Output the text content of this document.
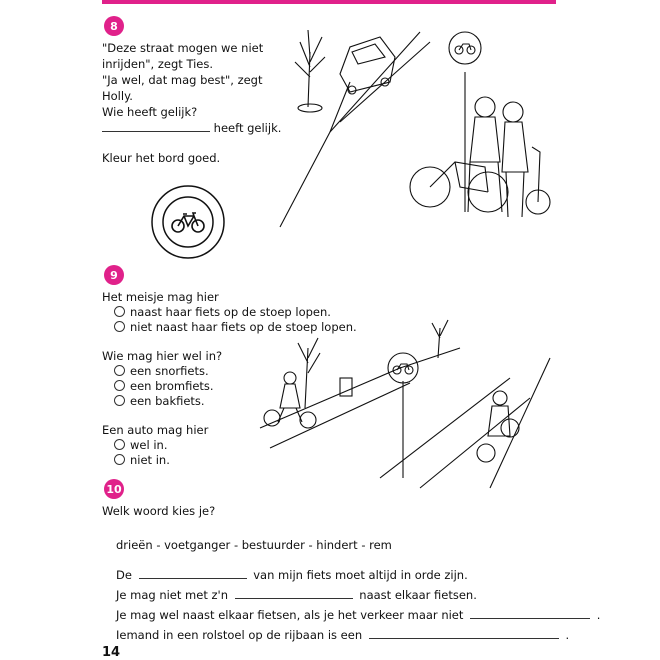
8
"Deze straat mogen we niet
inrijden", zegt Ties.
"Ja wel, dat mag best", zegt
Holly.
Wie heeft gelijk?
heeft gelijk.
Kleur het bord goed.
9
Het meisje mag hier
naast haar fiets op de stoep lopen.
niet naast haar fiets op de stoep lopen.
Wie mag hier wel in?
een snorfiets.
een bromfiets.
een bakfiets.
Een auto mag hier
wel in.
niet in.
10
Welk woord kies je?
drieën - voetganger - bestuurder - hindert - rem
De	van mijn fiets moet altijd in orde zijn.
Je mag niet met z'n	naast elkaar fietsen.
Je mag wel naast elkaar fietsen, als je het verkeer maar niet	.
Iemand in een rolstoel op de rijbaan is een	.
14
